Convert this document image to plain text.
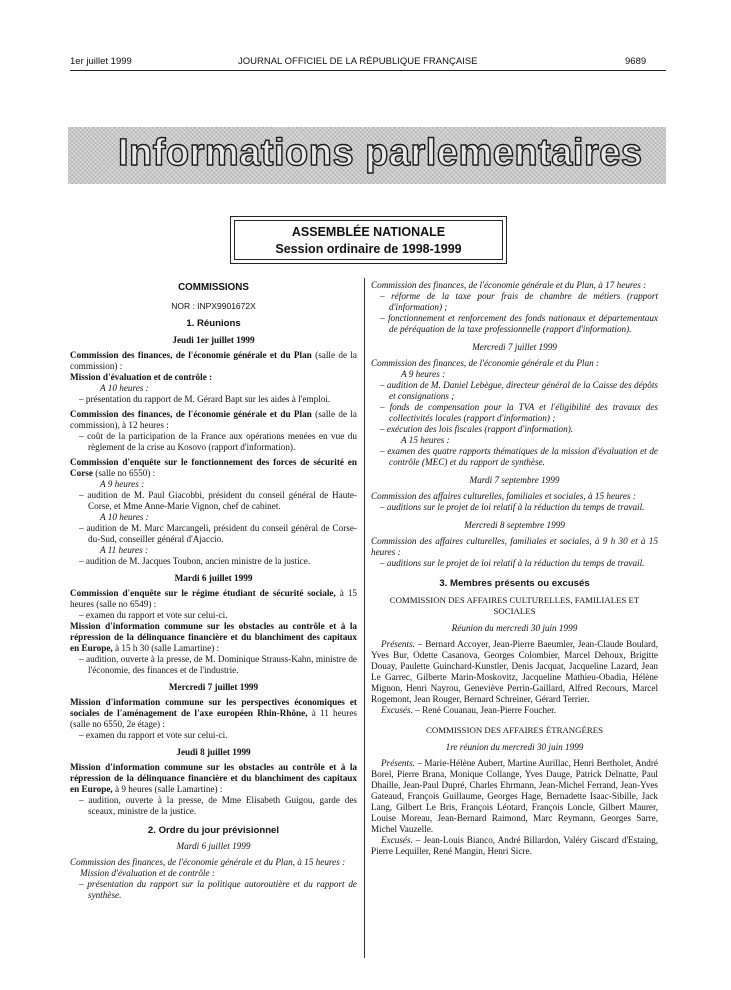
1er juillet 1999	JOURNAL OFFICIEL DE LA RÉPUBLIQUE FRANÇAISE	9689
Informations parlementaires
ASSEMBLÉE NATIONALE
Session ordinaire de 1998-1999

COMMISSIONS

NOR : INPX9901672X

1. Réunions

Jeudi 1er juillet 1999

Commission des finances, de l'économie générale et du Plan (salle de la commission) :

Mission d'évaluation et de contrôle :

A 10 heures :

– présentation du rapport de M. Gérard Bapt sur les aides à l'emploi.

Commission des finances, de l'économie générale et du Plan (salle de la commission), à 12 heures :

– coût de la participation de la France aux opérations menées en vue du règlement de la crise au Kosovo (rapport d'information).

Commission d'enquête sur le fonctionnement des forces de sécurité en Corse (salle no 6550) :

A 9 heures :

– audition de M. Paul Giacobbi, président du conseil général de Haute-Corse, et Mme Anne-Marie Vignon, chef de cabinet.

A 10 heures :

– audition de M. Marc Marcangeli, président du conseil général de Corse-du-Sud, conseiller général d'Ajaccio.

A 11 heures :

– audition de M. Jacques Toubon, ancien ministre de la justice.

Mardi 6 juillet 1999

Commission d'enquête sur le régime étudiant de sécurité sociale, à 15 heures (salle no 6549) :

– examen du rapport et vote sur celui-ci.

Mission d'information commune sur les obstacles au contrôle et à la répression de la délinquance financière et du blanchiment des capitaux en Europe, à 15 h 30 (salle Lamartine) :

– audition, ouverte à la presse, de M. Dominique Strauss-Kahn, ministre de l'économie, des finances et de l'industrie.

Mercredi 7 juillet 1999

Mission d'information commune sur les perspectives économiques et sociales de l'aménagement de l'axe européen Rhin-Rhône, à 11 heures (salle no 6550, 2e étage) :

– examen du rapport et vote sur celui-ci.

Jeudi 8 juillet 1999

Mission d'information commune sur les obstacles au contrôle et à la répression de la délinquance financière et du blanchiment des capitaux en Europe, à 9 heures (salle Lamartine) :

– audition, ouverte à la presse, de Mme Elisabeth Guigou, garde des sceaux, ministre de la justice.

2. Ordre du jour prévisionnel

Mardi 6 juillet 1999

Commission des finances, de l'économie générale et du Plan, à 15 heures :

Mission d'évaluation et de contrôle :

– présentation du rapport sur la politique autoroutière et du rapport de synthèse.

Commission des finances, de l'économie générale et du Plan, à 17 heures :

– réforme de la taxe pour frais de chambre de métiers (rapport d'information) ;

– fonctionnement et renforcement des fonds nationaux et départementaux de péréquation de la taxe professionnelle (rapport d'information).

Mercredi 7 juillet 1999

Commission des finances, de l'économie générale et du Plan :

A 9 heures :

– audition de M. Daniel Lebègue, directeur général de la Caisse des dépôts et consignations ;

– fonds de compensation pour la TVA et l'éligibilité des travaux des collectivités locales (rapport d'information) ;

– exécution des lois fiscales (rapport d'information).

A 15 heures :

– examen des quatre rapports thématiques de la mission d'évaluation et de contrôle (MEC) et du rapport de synthèse.

Mardi 7 septembre 1999

Commission des affaires culturelles, familiales et sociales, à 15 heures :

– auditions sur le projet de loi relatif à la réduction du temps de travail.

Mercredi 8 septembre 1999

Commission des affaires culturelles, familiales et sociales, à 9 h 30 et à 15 heures :

– auditions sur le projet de loi relatif à la réduction du temps de travail.

3. Membres présents ou excusés

COMMISSION DES AFFAIRES CULTURELLES, FAMILIALES ET SOCIALES

Réunion du mercredi 30 juin 1999

Présents. – Bernard Accoyer, Jean-Pierre Baeumler, Jean-Claude Boulard, Yves Bur, Odette Casanova, Georges Colombier, Marcel Dehoux, Brigitte Douay, Paulette Guinchard-Kunstler, Denis Jacquat, Jacqueline Lazard, Jean Le Garrec, Gilberte Marin-Moskovitz, Jacqueline Mathieu-Obadia, Hélène Mignon, Henri Nayrou, Geneviève Perrin-Gaillard, Alfred Recours, Marcel Rogemont, Jean Rouger, Bernard Schreiner, Gérard Terrier.

Excusés. – René Couanau, Jean-Pierre Foucher.

COMMISSION DES AFFAIRES ÉTRANGÈRES

1re réunion du mercredi 30 juin 1999

Présents. – Marie-Hélène Aubert, Martine Aurillac, Henri Bertholet, André Borel, Pierre Brana, Monique Collange, Yves Dauge, Patrick Delnatte, Paul Dhaille, Jean-Paul Dupré, Charles Ehrmann, Jean-Michel Ferrand, Jean-Yves Gateaud, François Guillaume, Georges Hage, Bernadette Isaac-Sibille, Jack Lang, Gilbert Le Bris, François Léotard, François Loncle, Gilbert Maurer, Louise Moreau, Jean-Bernard Raimond, Marc Reymann, Georges Sarre, Michel Vauzelle.

Excusés. – Jean-Louis Bianco, André Billardon, Valéry Giscard d'Estaing, Pierre Lequiller, René Mangin, Henri Sicre.
